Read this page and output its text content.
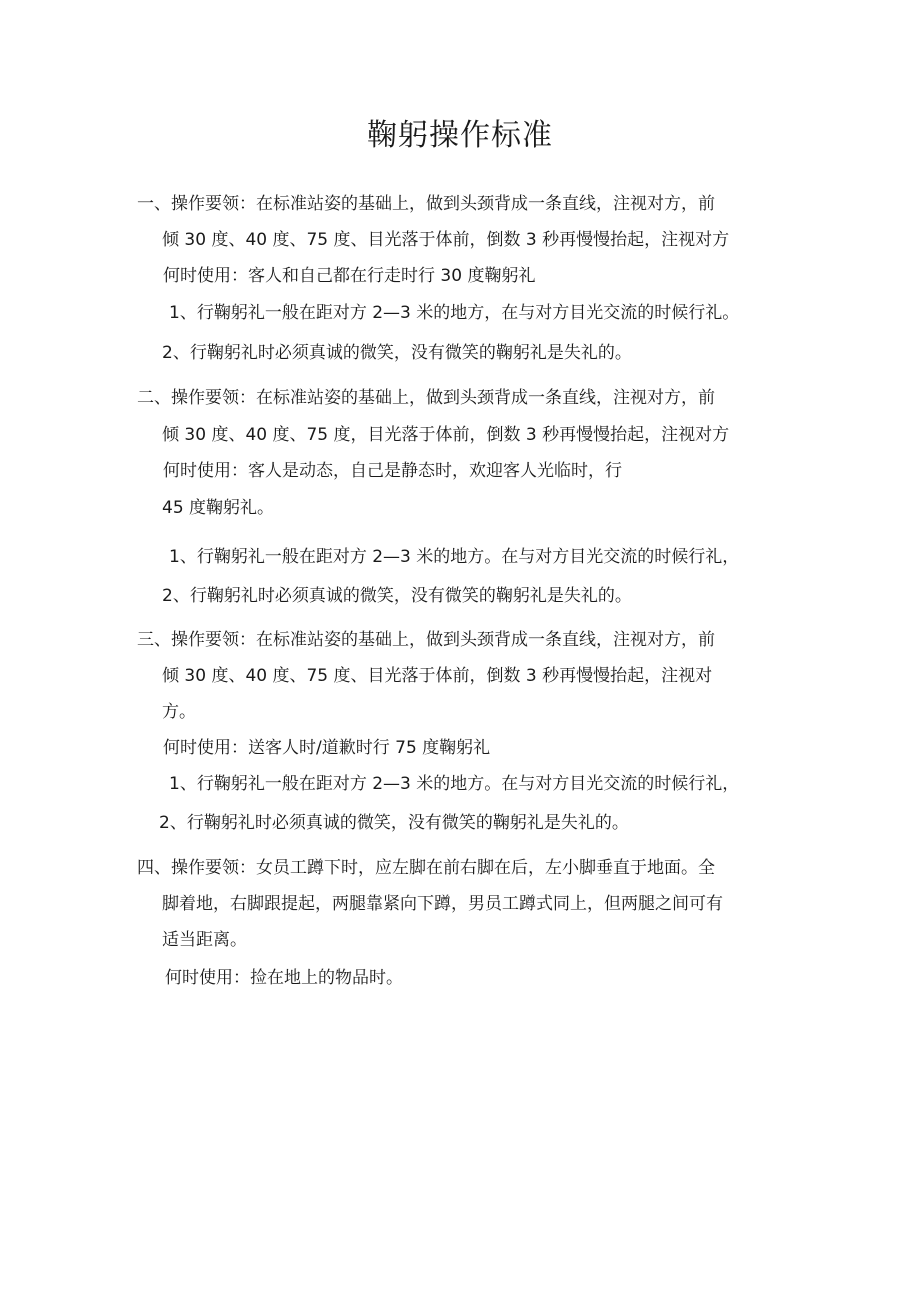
鞠躬操作标准
一、操作要领：在标准站姿的基础上，做到头颈背成一条直线，注视对方，前
倾 30 度、40 度、75 度、目光落于体前，倒数 3 秒再慢慢抬起，注视对方
何时使用：客人和自己都在行走时行 30 度鞠躬礼
1、行鞠躬礼一般在距对方 2—3 米的地方，在与对方目光交流的时候行礼。
2、行鞠躬礼时必须真诚的微笑，没有微笑的鞠躬礼是失礼的。
二、操作要领：在标准站姿的基础上，做到头颈背成一条直线，注视对方，前
倾 30 度、40 度、75 度，目光落于体前，倒数 3 秒再慢慢抬起，注视对方
何时使用：客人是动态，自己是静态时，欢迎客人光临时，行
45 度鞠躬礼。
1、行鞠躬礼一般在距对方 2—3 米的地方。在与对方目光交流的时候行礼，
2、行鞠躬礼时必须真诚的微笑，没有微笑的鞠躬礼是失礼的。
三、操作要领：在标准站姿的基础上，做到头颈背成一条直线，注视对方，前
倾 30 度、40 度、75 度、目光落于体前，倒数 3 秒再慢慢抬起，注视对
方。
何时使用：送客人时/道歉时行 75 度鞠躬礼
1、行鞠躬礼一般在距对方 2—3 米的地方。在与对方目光交流的时候行礼，
2、行鞠躬礼时必须真诚的微笑，没有微笑的鞠躬礼是失礼的。
四、操作要领：女员工蹲下时，应左脚在前右脚在后，左小脚垂直于地面。全
脚着地，右脚跟提起，两腿靠紧向下蹲，男员工蹲式同上，但两腿之间可有
适当距离。
何时使用：捡在地上的物品时。
